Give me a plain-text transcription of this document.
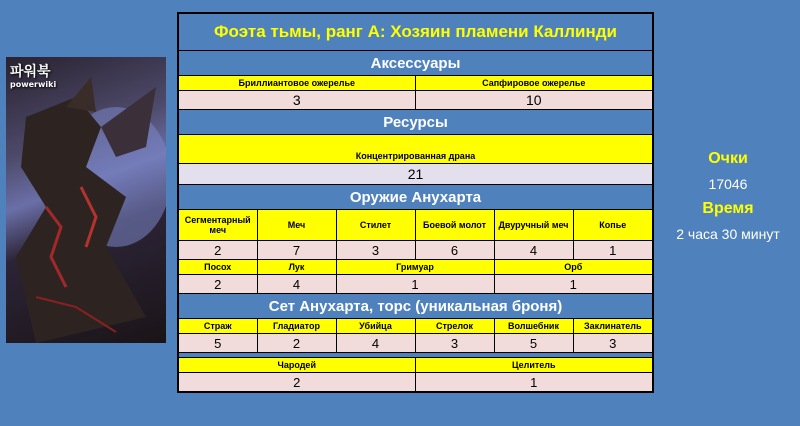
파워북
powerwiki
Фоэта тьмы, ранг А: Хозяин пламени Каллинди					
Аксессуары					
Бриллиантовое ожерелье			Сапфировое ожерелье		
3			10		
Ресурсы					
Концентрированная драна					
21					
Оружие Анухарта					
Сегментарный меч	Меч	Стилет	Боевой молот	Двуручный меч	Копье
2	7	3	6	4	1
Посох	Лук	Гримуар		Орб	
2	4	1		1	
Сет Анухарта, торс (уникальная броня)					
Страж	Гладиатор	Убийца	Стрелок	Волшебник	Заклинатель
5	2	4	3	5	3

Чародей			Целитель		
2			1		
Очки
17046
Время
2 часа 30 минут
